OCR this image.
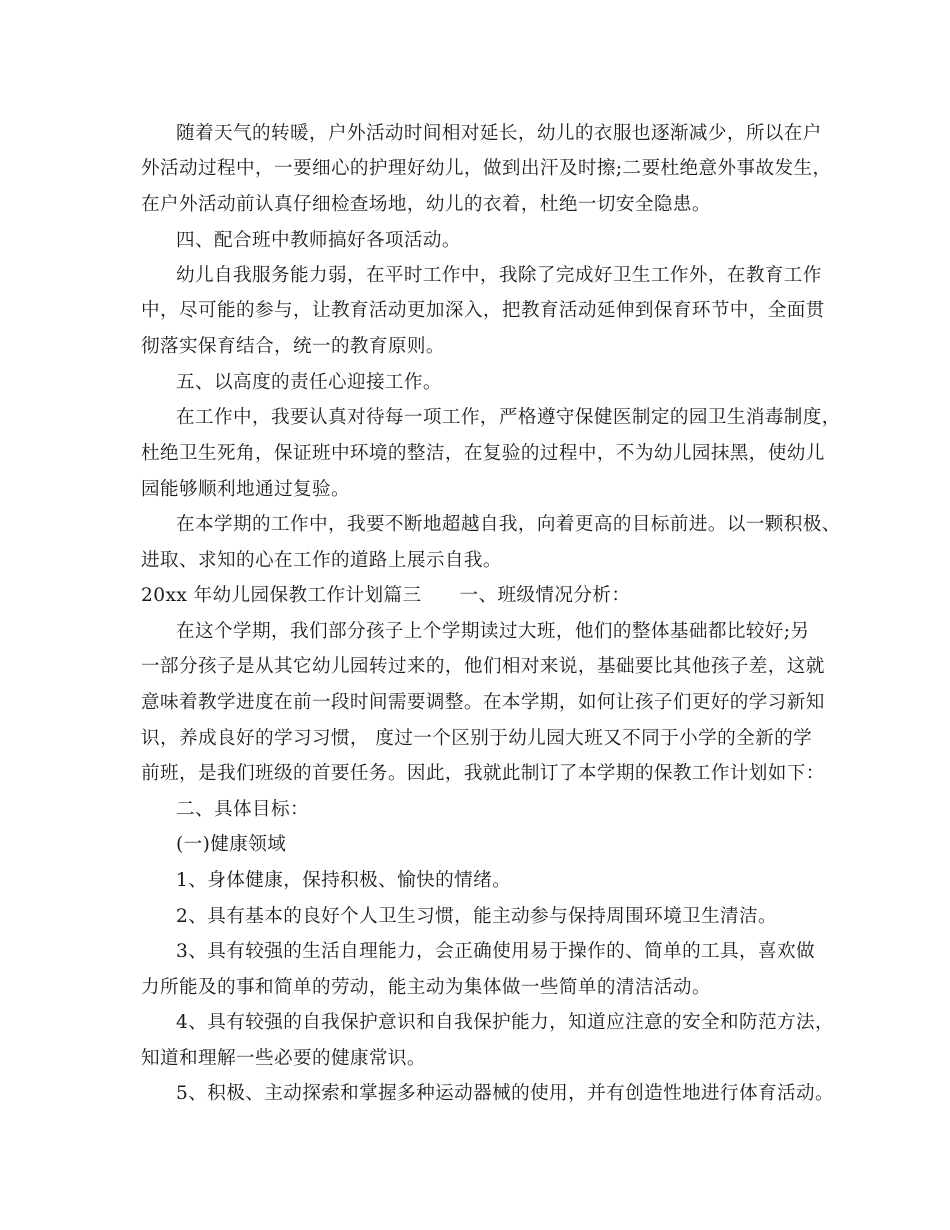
随着天气的转暖，户外活动时间相对延长，幼儿的衣服也逐渐减少，所以在户
外活动过程中，一要细心的护理好幼儿，做到出汗及时擦;二要杜绝意外事故发生，
在户外活动前认真仔细检查场地，幼儿的衣着，杜绝一切安全隐患。
四、配合班中教师搞好各项活动。
幼儿自我服务能力弱，在平时工作中，我除了完成好卫生工作外，在教育工作
中，尽可能的参与，让教育活动更加深入，把教育活动延伸到保育环节中，全面贯
彻落实保育结合，统一的教育原则。
五、以高度的责任心迎接工作。
在工作中，我要认真对待每一项工作，严格遵守保健医制定的园卫生消毒制度，
杜绝卫生死角，保证班中环境的整洁，在复验的过程中，不为幼儿园抹黑，使幼儿
园能够顺利地通过复验。
在本学期的工作中，我要不断地超越自我，向着更高的目标前进。以一颗积极、
进取、求知的心在工作的道路上展示自我。
20xx 年幼儿园保教工作计划篇三　　一、班级情况分析：
在这个学期，我们部分孩子上个学期读过大班，他们的整体基础都比较好;另
一部分孩子是从其它幼儿园转过来的，他们相对来说，基础要比其他孩子差，这就
意味着教学进度在前一段时间需要调整。在本学期，如何让孩子们更好的学习新知
识，养成良好的学习习惯， 度过一个区别于幼儿园大班又不同于小学的全新的学
前班，是我们班级的首要任务。因此，我就此制订了本学期的保教工作计划如下：
二、具体目标：
(一)健康领域
1、身体健康，保持积极、愉快的情绪。
2、具有基本的良好个人卫生习惯，能主动参与保持周围环境卫生清洁。
3、具有较强的生活自理能力，会正确使用易于操作的、简单的工具，喜欢做
力所能及的事和简单的劳动，能主动为集体做一些简单的清洁活动。
4、具有较强的自我保护意识和自我保护能力，知道应注意的安全和防范方法，
知道和理解一些必要的健康常识。
5、积极、主动探索和掌握多种运动器械的使用，并有创造性地进行体育活动。
